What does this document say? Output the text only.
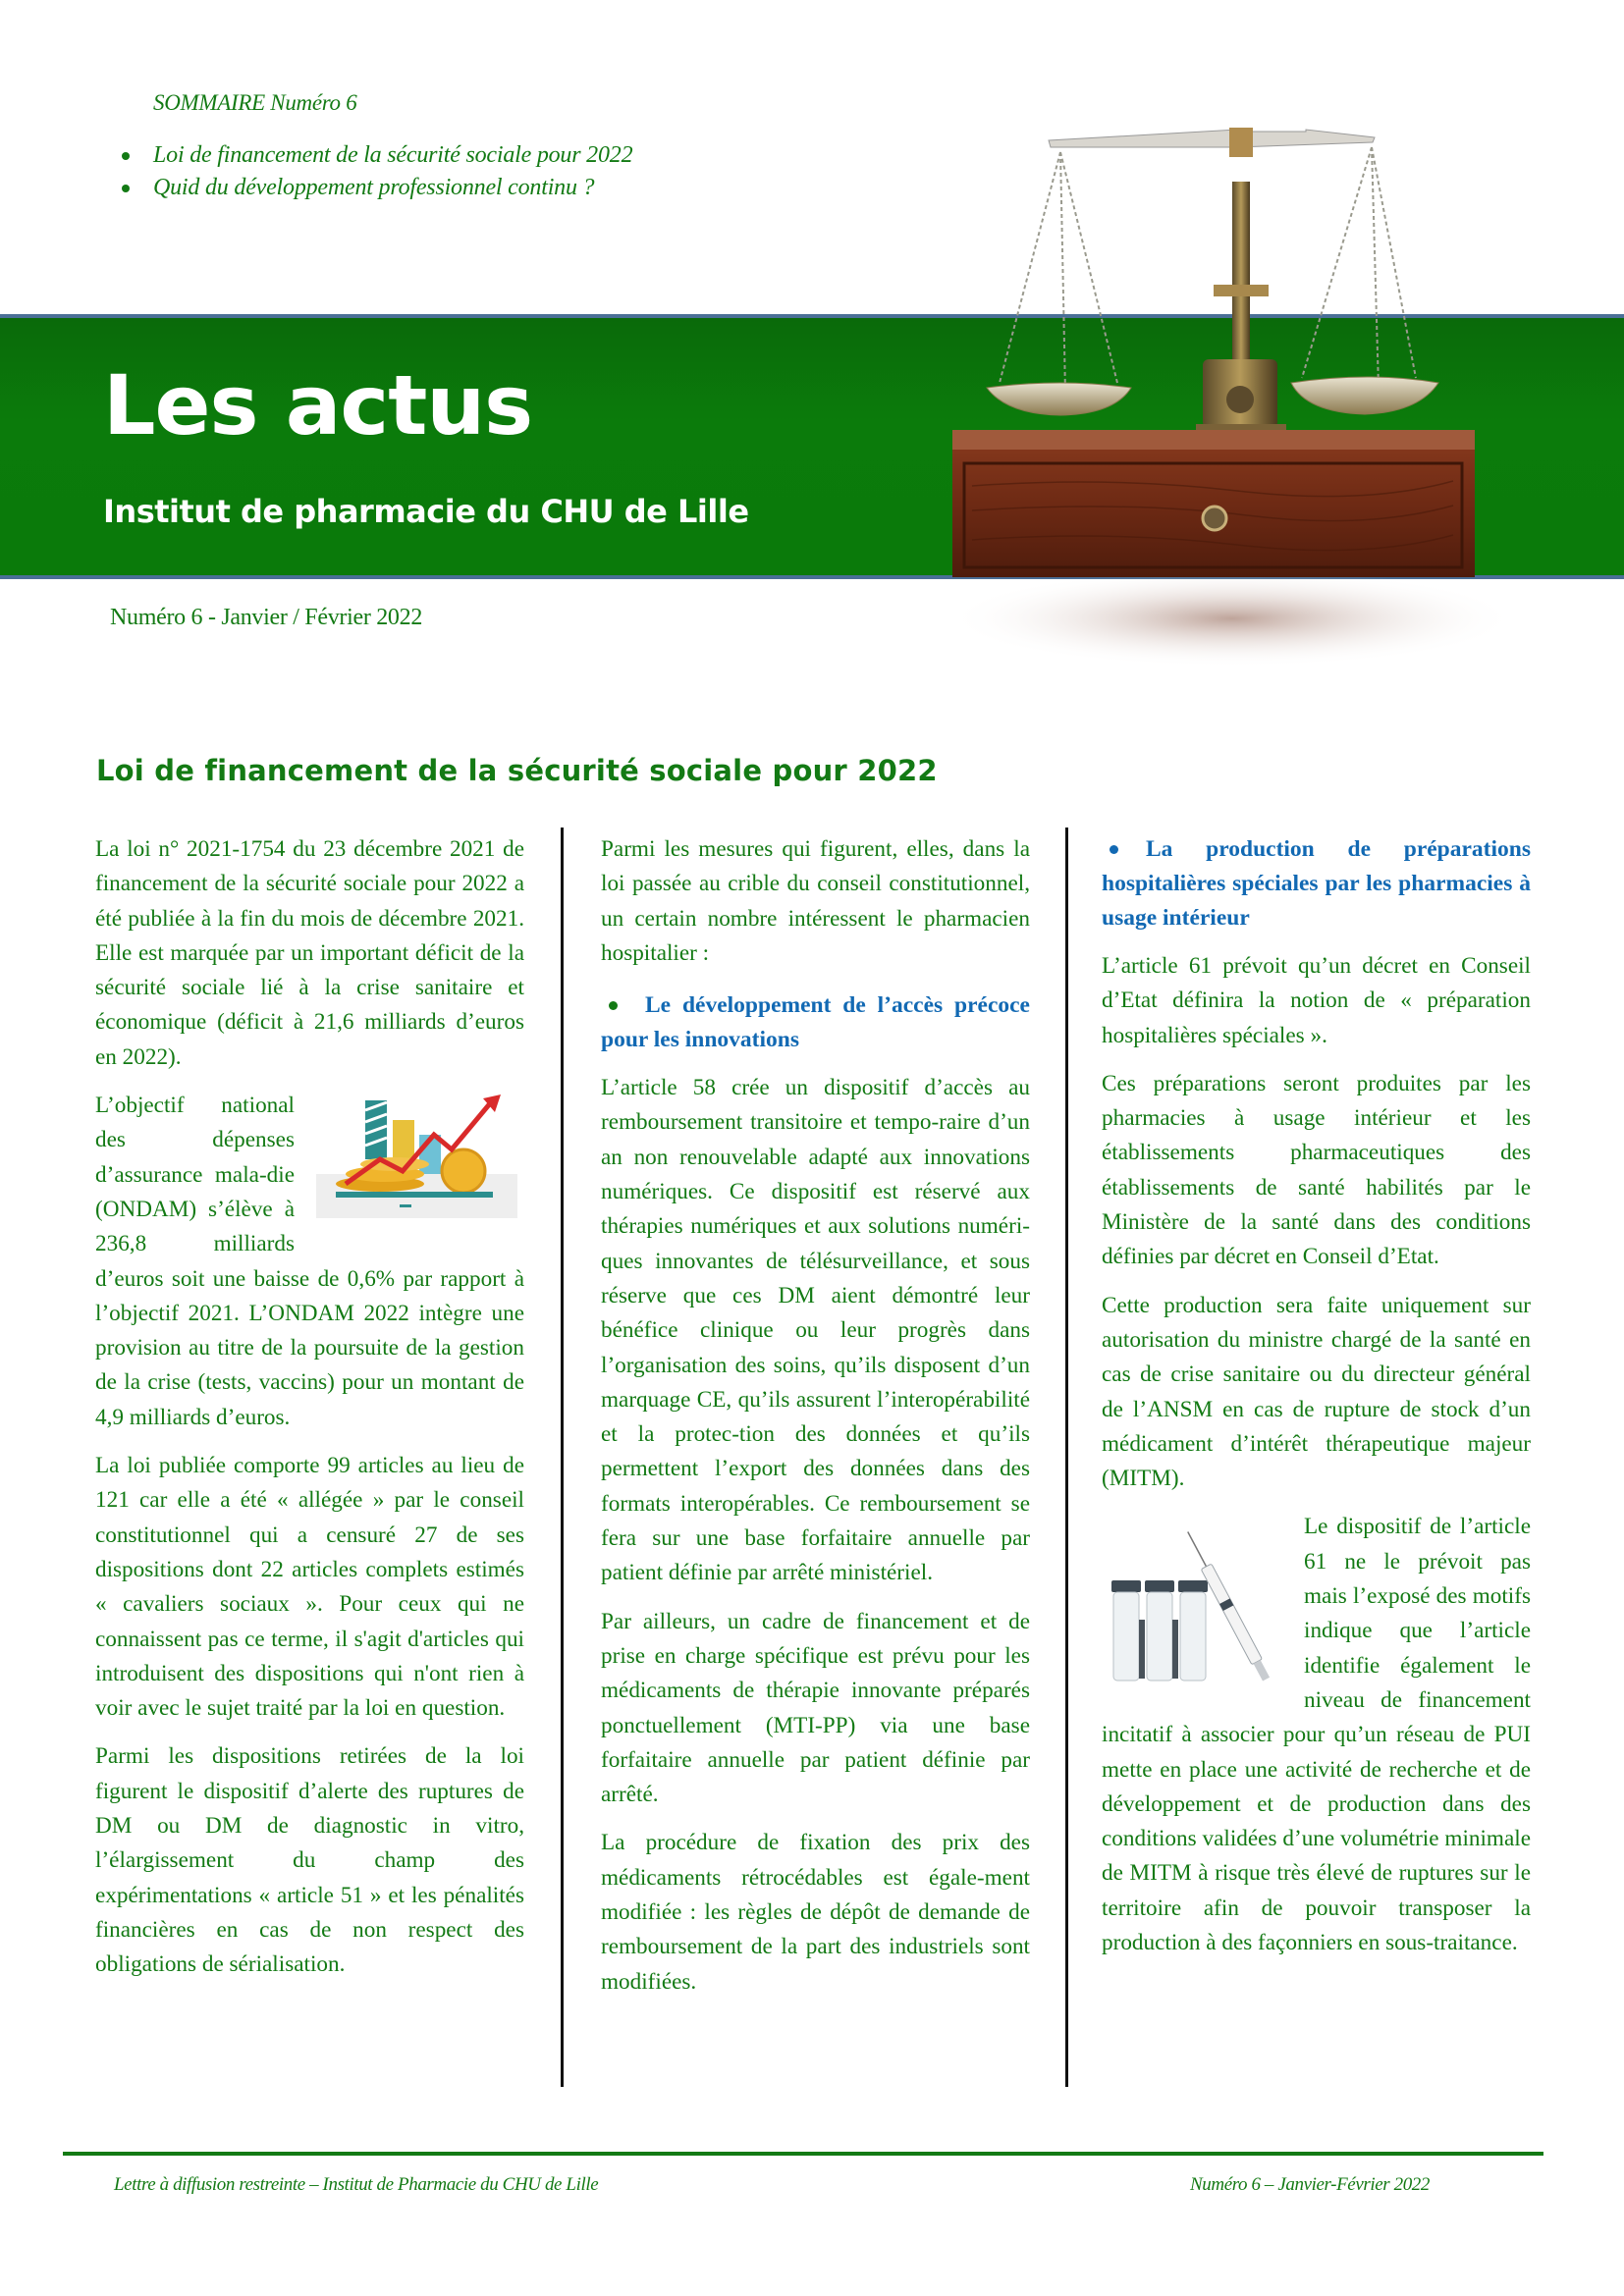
SOMMAIRE Numéro 6
Loi de financement de la sécurité sociale pour 2022
Quid du développement professionnel continu ?
Les actus
Institut de pharmacie du CHU de Lille
Numéro 6 - Janvier / Février 2022
Loi de financement de la sécurité sociale pour 2022

La loi n° 2021-1754 du 23 décembre 2021 de financement de la sécurité sociale pour 2022 a été publiée à la fin du mois de décembre 2021. Elle est marquée par un important déficit de la sécurité sociale lié à la crise sanitaire et économique (déficit à 21,6 milliards d’euros en 2022).

L’objectif national des dépenses d’assurance mala-die (ONDAM) s’élève à 236,8 milliards d’euros soit une baisse de 0,6% par rapport à l’objectif 2021. L’ONDAM 2022 intègre une provision au titre de la poursuite de la gestion de la crise (tests, vaccins) pour un montant de 4,9 milliards d’euros.

La loi publiée comporte 99 articles au lieu de 121 car elle a été « allégée » par le conseil constitutionnel qui a censuré 27 de ses dispositions dont 22 articles complets estimés « cavaliers sociaux ». Pour ceux qui ne connaissent pas ce terme, il s'agit d'articles qui introduisent des dispositions qui n'ont rien à voir avec le sujet traité par la loi en question.

Parmi les dispositions retirées de la loi figurent le dispositif d’alerte des ruptures de DM ou DM de diagnostic in vitro, l’élargissement du champ des expérimentations « article 51 » et les pénalités financières en cas de non respect des obligations de sérialisation.

Parmi les mesures qui figurent, elles, dans la loi passée au crible du conseil constitutionnel, un certain nombre intéressent le pharmacien hospitalier :

Le développement de l’accès précoce pour les innovations

L’article 58 crée un dispositif d’accès au remboursement transitoire et tempo-raire d’un an non renouvelable adapté aux innovations numériques. Ce dispositif est réservé aux thérapies numériques et aux solutions numéri-ques innovantes de télésurveillance, et sous réserve que ces DM aient démontré leur bénéfice clinique ou leur progrès dans l’organisation des soins, qu’ils disposent d’un marquage CE, qu’ils assurent l’interopérabilité et la protec-tion des données et qu’ils permettent l’export des données dans des formats interopérables. Ce remboursement se fera sur une base forfaitaire annuelle par patient définie par arrêté ministériel.

Par ailleurs, un cadre de financement et de prise en charge spécifique est prévu pour les médicaments de thérapie innovante préparés ponctuellement (MTI-PP) via une base forfaitaire annuelle par patient définie par arrêté.

La procédure de fixation des prix des médicaments rétrocédables est égale-ment modifiée : les règles de dépôt de demande de remboursement de la part des industriels sont modifiées.

La production de préparations hospitalières spéciales par les pharmacies à usage intérieur

L’article 61 prévoit qu’un décret en Conseil d’Etat définira la notion de « préparation hospitalières spéciales ».

Ces préparations seront produites par les pharmacies à usage intérieur et les établissements pharmaceutiques des établissements de santé habilités par le Ministère de la santé dans des conditions définies par décret en Conseil d’Etat.

Cette production sera faite uniquement sur autorisation du ministre chargé de la santé en cas de crise sanitaire ou du directeur général de l’ANSM en cas de rupture de stock d’un médicament d’intérêt thérapeutique majeur (MITM).

Le dispositif de l’article 61 ne le prévoit pas mais l’exposé des motifs indique que l’article identifie également le niveau de financement incitatif à associer pour qu’un réseau de PUI mette en place une activité de recherche et de développement et de production dans des conditions validées d’une volumétrie minimale de MITM à risque très élevé de ruptures sur le territoire afin de pouvoir transposer la production à des façonniers en sous-traitance.
Lettre à diffusion restreinte – Institut de Pharmacie du CHU de Lille	Numéro 6 – Janvier-Février 2022
